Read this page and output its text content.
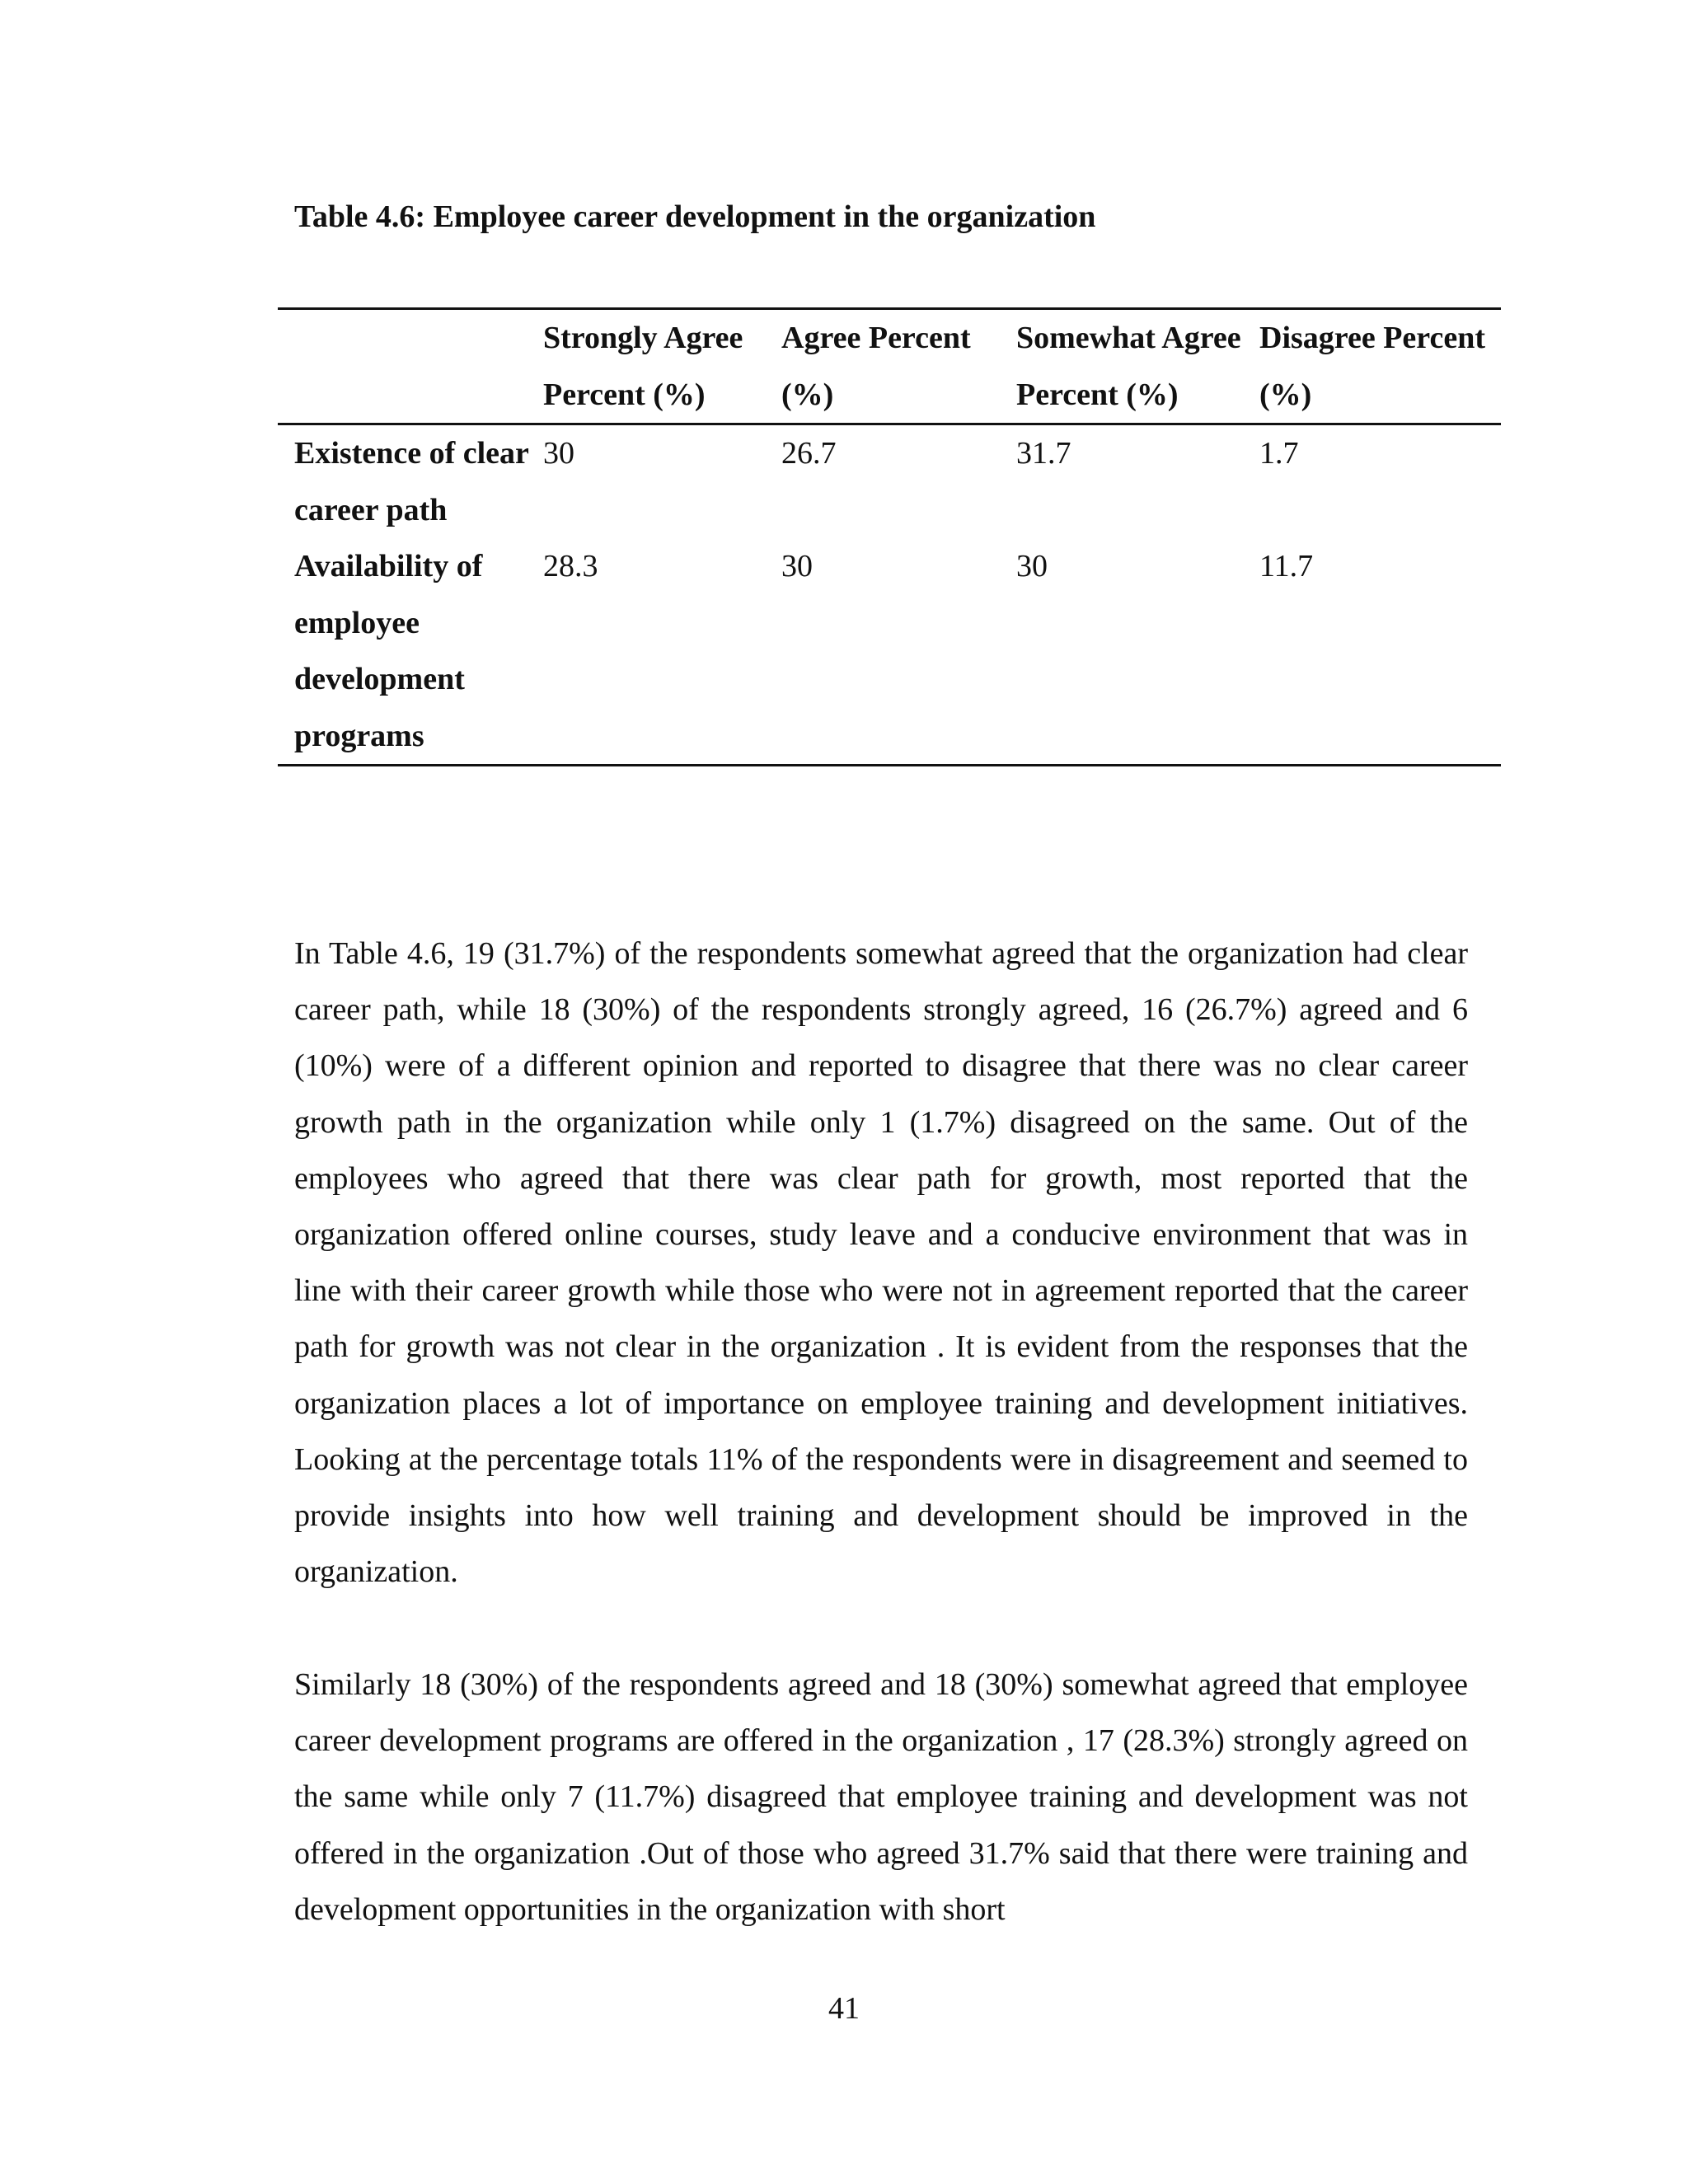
Table 4.6: Employee career development in the organization
	Strongly Agree Percent (%)	Agree Percent (%)	Somewhat Agree Percent (%)	Disagree Percent (%)
Existence of clear career path	30	26.7	31.7	1.7
Availability of employee development programs	28.3	30	30	11.7

In Table 4.6, 19 (31.7%) of the respondents somewhat agreed that the organization had clear career path, while 18 (30%) of the respondents strongly agreed, 16 (26.7%) agreed and 6 (10%) were of a different opinion and reported to disagree that there was no clear career growth path in the organization while only 1 (1.7%) disagreed on the same. Out of the employees who agreed that there was clear path for growth, most reported that the organization offered online courses, study leave and a conducive environment that was in line with their career growth while those who were not in agreement reported that the career path for growth was not clear in the organization . It is evident from the responses that the organization places a lot of importance on employee training and development initiatives. Looking at the percentage totals 11% of the respondents were in disagreement and seemed to provide insights into how well training and development should be improved in the organization.

Similarly 18 (30%) of the respondents agreed and 18 (30%) somewhat agreed that employee career development programs are offered in the organization , 17 (28.3%) strongly agreed on the same while only 7 (11.7%) disagreed that employee training and development was not offered in the organization .Out of those who agreed 31.7% said that there were training and development opportunities in the organization with short

41
